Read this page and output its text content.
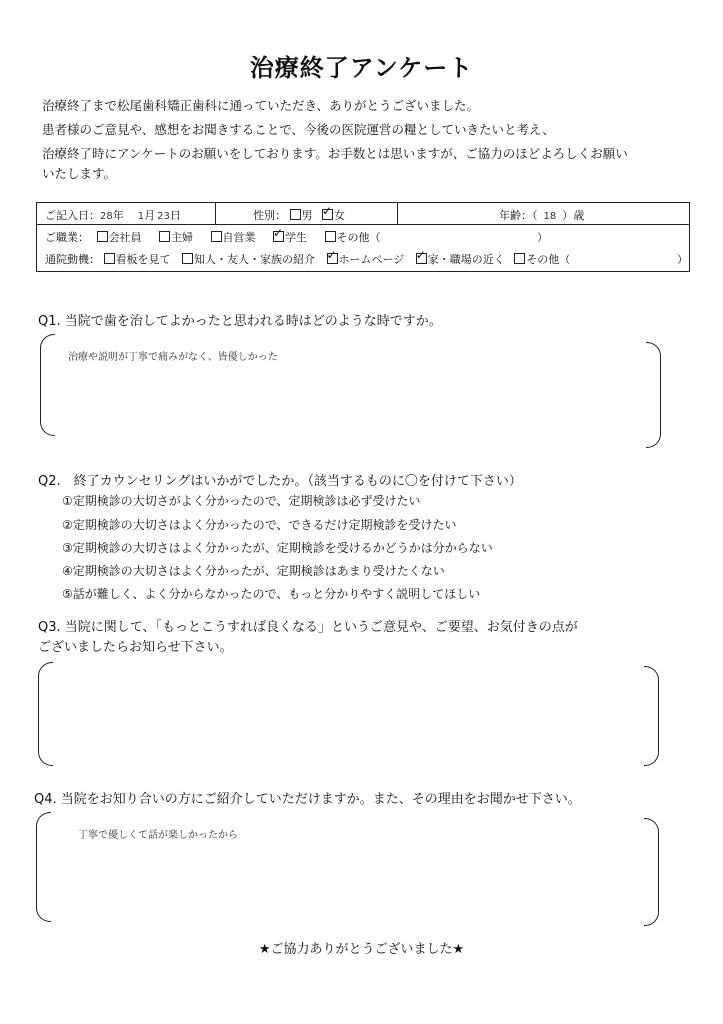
治療終了アンケート
治療終了まで松尾歯科矯正歯科に通っていただき、ありがとうございました。
患者様のご意見や、感想をお聞きすることで、今後の医院運営の糧としていきたいと考え、
治療終了時にアンケートのお願いをしております。お手数とは思いますが、ご協力のほどよろしくお願い
いたします。
ご記入日：28年 1月 23日	性別： 男 ✓ 女	年齢：（ 18 ）歳
ご職業： 会社員	主婦	自営業 ✓	学生	その他（	）
通院動機： 看板を見て 知人・友人・家族の紹介 ✓ ホームページ ✓ 家・職場の近く その他（	）
Q1. 当院で歯を治してよかったと思われる時はどのような時ですか。
治療や説明が丁寧で痛みがなく、皆優しかった
Q2.　終了カウンセリングはいかがでしたか。（該当するものに〇を付けて下さい）
①定期検診の大切さがよく分かったので、定期検診は必ず受けたい
②定期検診の大切さはよく分かったので、できるだけ定期検診を受けたい
③定期検診の大切さはよく分かったが、定期検診を受けるかどうかは分からない
④定期検診の大切さはよく分かったが、定期検診はあまり受けたくない
⑤話が難しく、よく分からなかったので、もっと分かりやすく説明してほしい
Q3. 当院に関して、「もっとこうすれば良くなる」というご意見や、ご要望、お気付きの点が
ございましたらお知らせ下さい。
Q4. 当院をお知り合いの方にご紹介していただけますか。また、その理由をお聞かせ下さい。
丁寧で優しくて話が楽しかったから
★ご協力ありがとうございました★
